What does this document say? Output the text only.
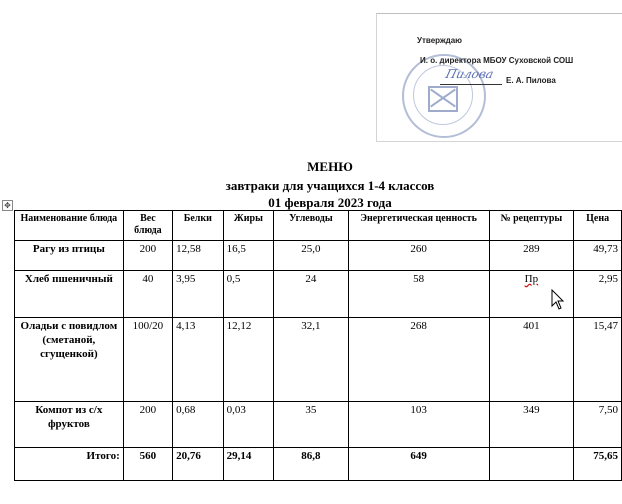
Утверждаю
И. о. директора МБОУ Суховской СОШ
Пилова Е. А. Пилова
МЕНЮ
завтраки для учащихся 1-4 классов
01 февраля 2023 года
✥
Наименование блюда	Вес блюда	Белки	Жиры	Углеводы	Энергетическая ценность	№ рецептуры	Цена
Рагу из птицы	200	12,58	16,5	25,0	260	289	49,73
Хлеб пшеничный	40	3,95	0,5	24	58	Пр	2,95
Оладьи с повидлом (сметаной, сгущенкой)	100/20	4,13	12,12	32,1	268	401	15,47
Компот из с/х фруктов	200	0,68	0,03	35	103	349	7,50
Итого:	560	20,76	29,14	86,8	649		75,65
